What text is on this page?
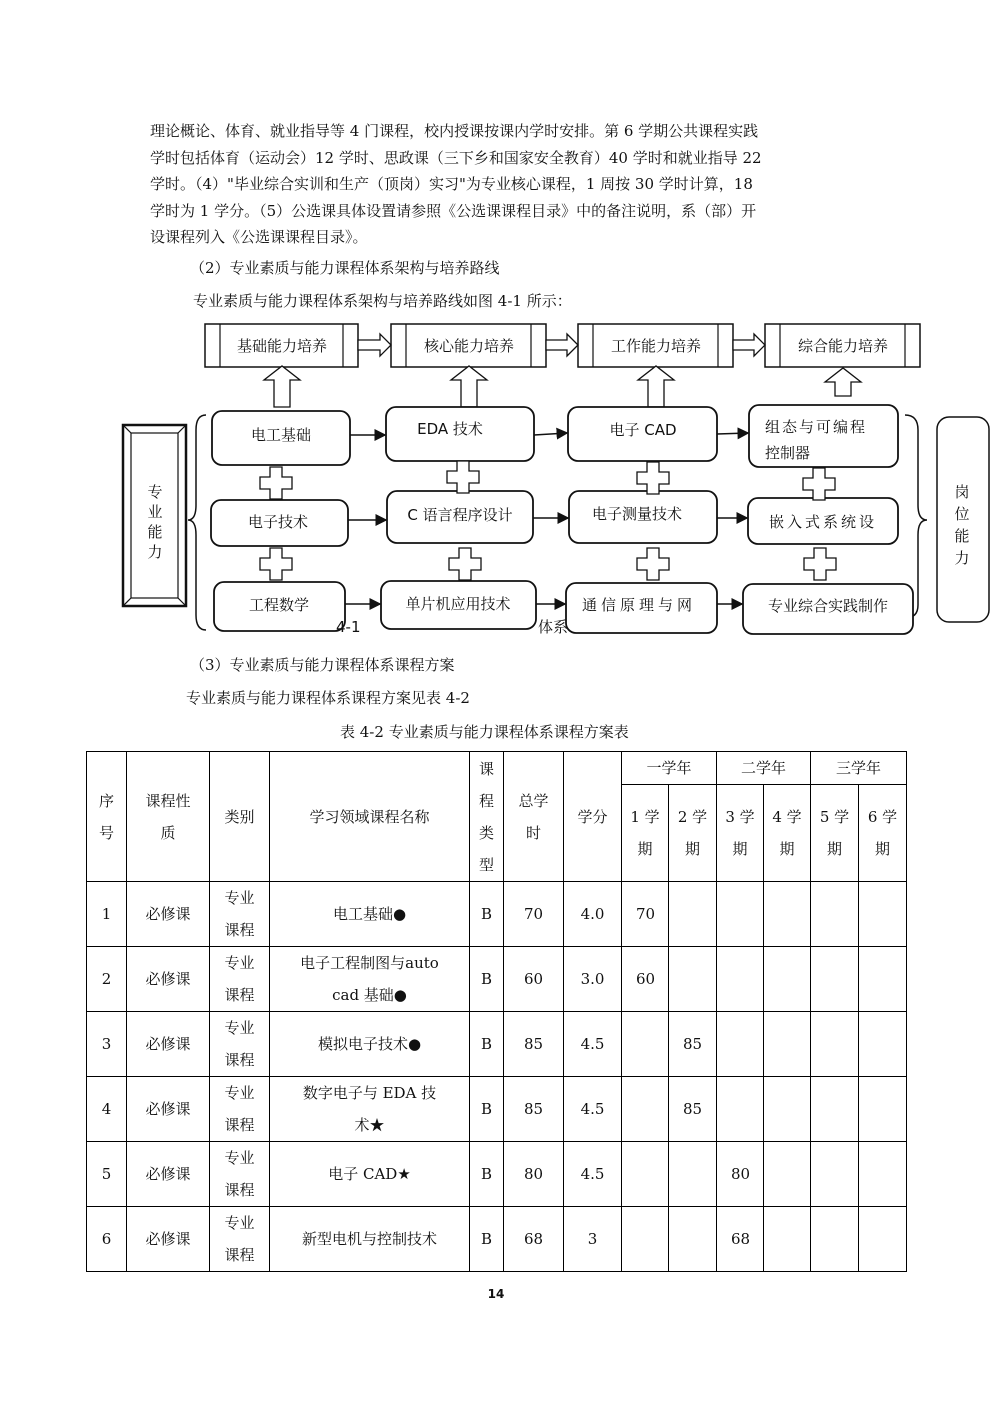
理论概论、体育、就业指导等 4 门课程，校内授课按课内学时安排。第 6 学期公共课程实践

学时包括体育（运动会）12 学时、思政课（三下乡和国家安全教育）40 学时和就业指导 22

学时。（4）"毕业综合实训和生产（顶岗）实习"为专业核心课程，1 周按 30 学时计算，18

学时为 1 学分。（5）公选课具体设置请参照《公选课课程目录》中的备注说明，系（部）开

设课程列入《公选课课程目录》。

（2）专业素质与能力课程体系架构与培养路线
专业素质与能力课程体系架构与培养路线如图 4-1 所示：
基础能力培养	核心能力培养	工作能力培养	综合能力培养
专
业
能
力
岗
位
能
力
电工基础	EDA 技术	电子 CAD	组态与可编程
控制器
电子技术	C 语言程序设计	电子测量技术	嵌入式系统设
工程数学	单片机应用技术	通信原理与网	专业综合实践制作
4-1	体系
（3）专业素质与能力课程体系课程方案
专业素质与能力课程体系课程方案见表 4-2
表 4-2 专业素质与能力课程体系课程方案表
序号	课程性质	类别	学习领域课程名称	课程类型	总学时	学分	一学年		二学年		三学年	
							1 学期	2 学期	3 学期	4 学期	5 学期	6 学期
1	必修课	专业课程	电工基础●	B	70	4.0	70					
2	必修课	专业课程	电子工程制图与autocad 基础●	B	60	3.0	60					
3	必修课	专业课程	模拟电子技术●	B	85	4.5		85				
4	必修课	专业课程	数字电子与 EDA 技术★	B	85	4.5		85				
5	必修课	专业课程	电子 CAD★	B	80	4.5			80			
6	必修课	专业课程	新型电机与控制技术	B	68	3			68			
14
